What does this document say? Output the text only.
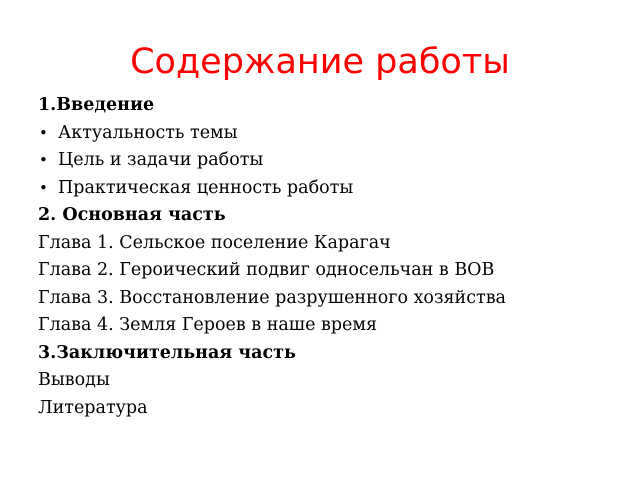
Содержание работы
1.Введение
• Актуальность темы
• Цель и задачи работы
• Практическая ценность работы
2. Основная часть
Глава 1. Сельское поселение Карагач
Глава 2. Героический подвиг односельчан в ВОВ
Глава 3. Восстановление разрушенного хозяйства
Глава 4. Земля Героев в наше время
3.Заключительная часть
Выводы
Литература
